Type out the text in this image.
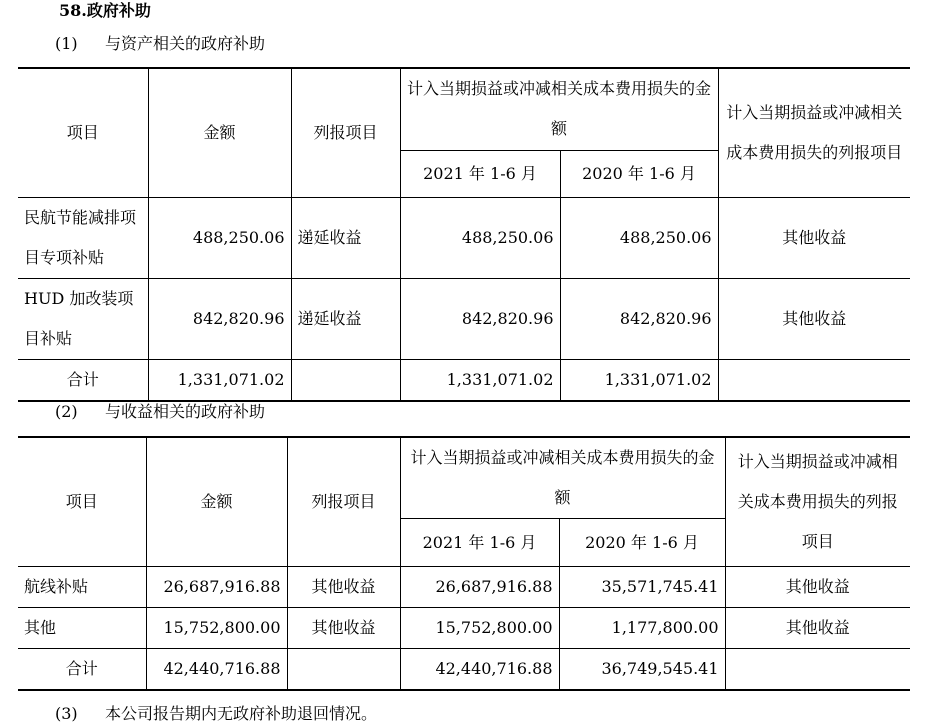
58.政府补助
(1) 与资产相关的政府补助
项目	金额	列报项目	计入当期损益或冲减相关成本费用损失的金额		计入当期损益或冲减相关成本费用损失的列报项目
			2021 年 1-6 月	2020 年 1-6 月	
民航节能减排项目专项补贴	488,250.06	递延收益	488,250.06	488,250.06	其他收益
HUD 加改装项目补贴	842,820.96	递延收益	842,820.96	842,820.96	其他收益
合计	1,331,071.02		1,331,071.02	1,331,071.02	
(2) 与收益相关的政府补助
项目	金额	列报项目	计入当期损益或冲减相关成本费用损失的金额		计入当期损益或冲减相关成本费用损失的列报项目
			2021 年 1-6 月	2020 年 1-6 月	
航线补贴	26,687,916.88	其他收益	26,687,916.88	35,571,745.41	其他收益
其他	15,752,800.00	其他收益	15,752,800.00	1,177,800.00	其他收益
合计	42,440,716.88		42,440,716.88	36,749,545.41	
(3) 本公司报告期内无政府补助退回情况。
